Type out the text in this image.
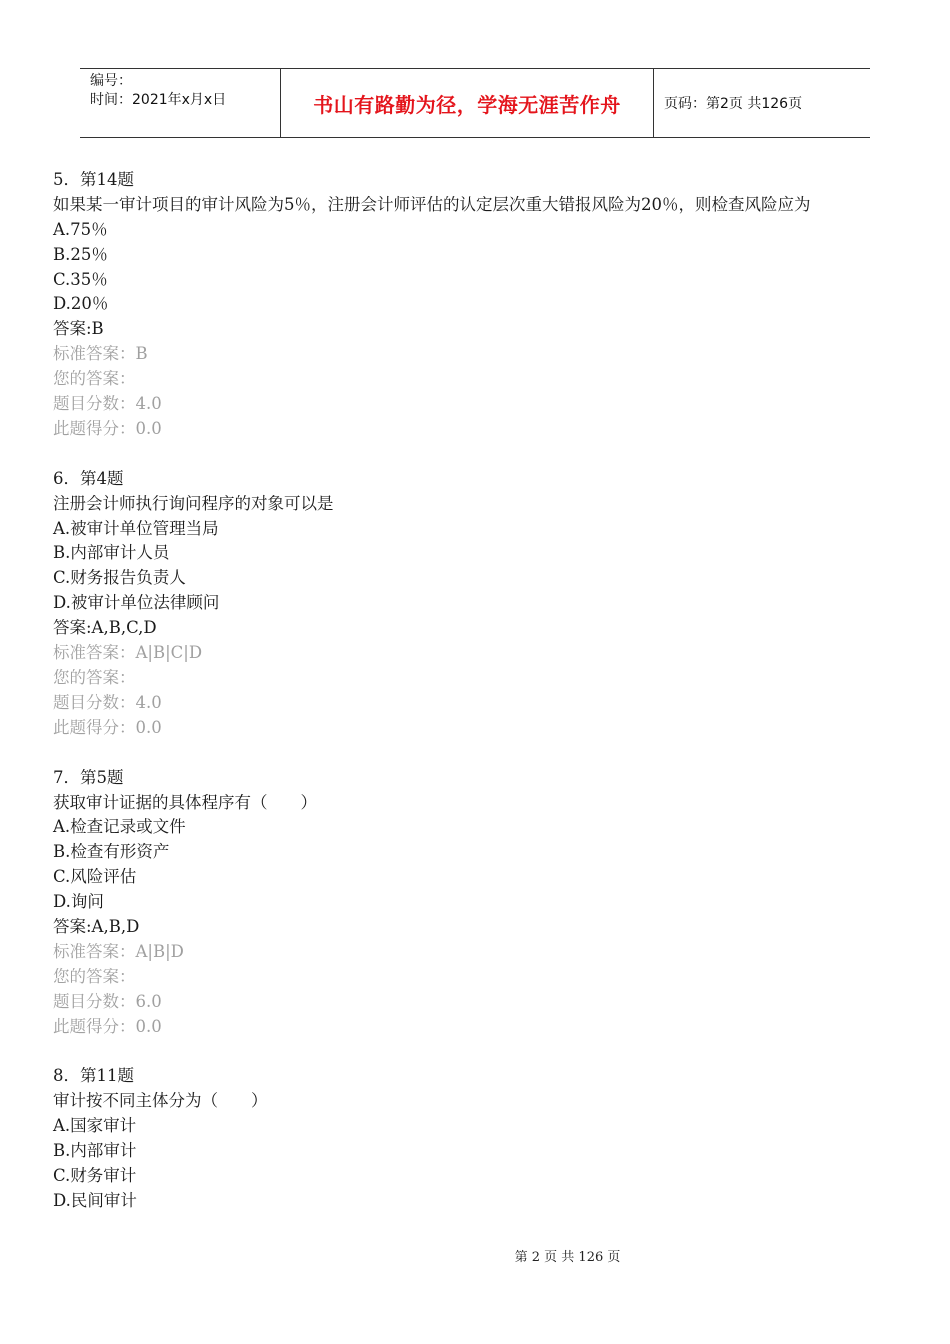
编号：
时间：2021年x月x日	书山有路勤为径，学海无涯苦作舟	页码：第2页 共126页
5．第14题
如果某一审计项目的审计风险为5％，注册会计师评估的认定层次重大错报风险为20％，则检查风险应为
A.75％
B.25％
C.35％
D.20％
答案:B
标准答案：B
您的答案：
题目分数：4.0
此题得分：0.0
6．第4题
注册会计师执行询问程序的对象可以是
A.被审计单位管理当局
B.内部审计人员
C.财务报告负责人
D.被审计单位法律顾问
答案:A,B,C,D
标准答案：A|B|C|D
您的答案：
题目分数：4.0
此题得分：0.0
7．第5题
获取审计证据的具体程序有（　　）
A.检查记录或文件
B.检查有形资产
C.风险评估
D.询问
答案:A,B,D
标准答案：A|B|D
您的答案：
题目分数：6.0
此题得分：0.0
8．第11题
审计按不同主体分为（　　）
A.国家审计
B.内部审计
C.财务审计
D.民间审计
第 2 页 共 126 页
